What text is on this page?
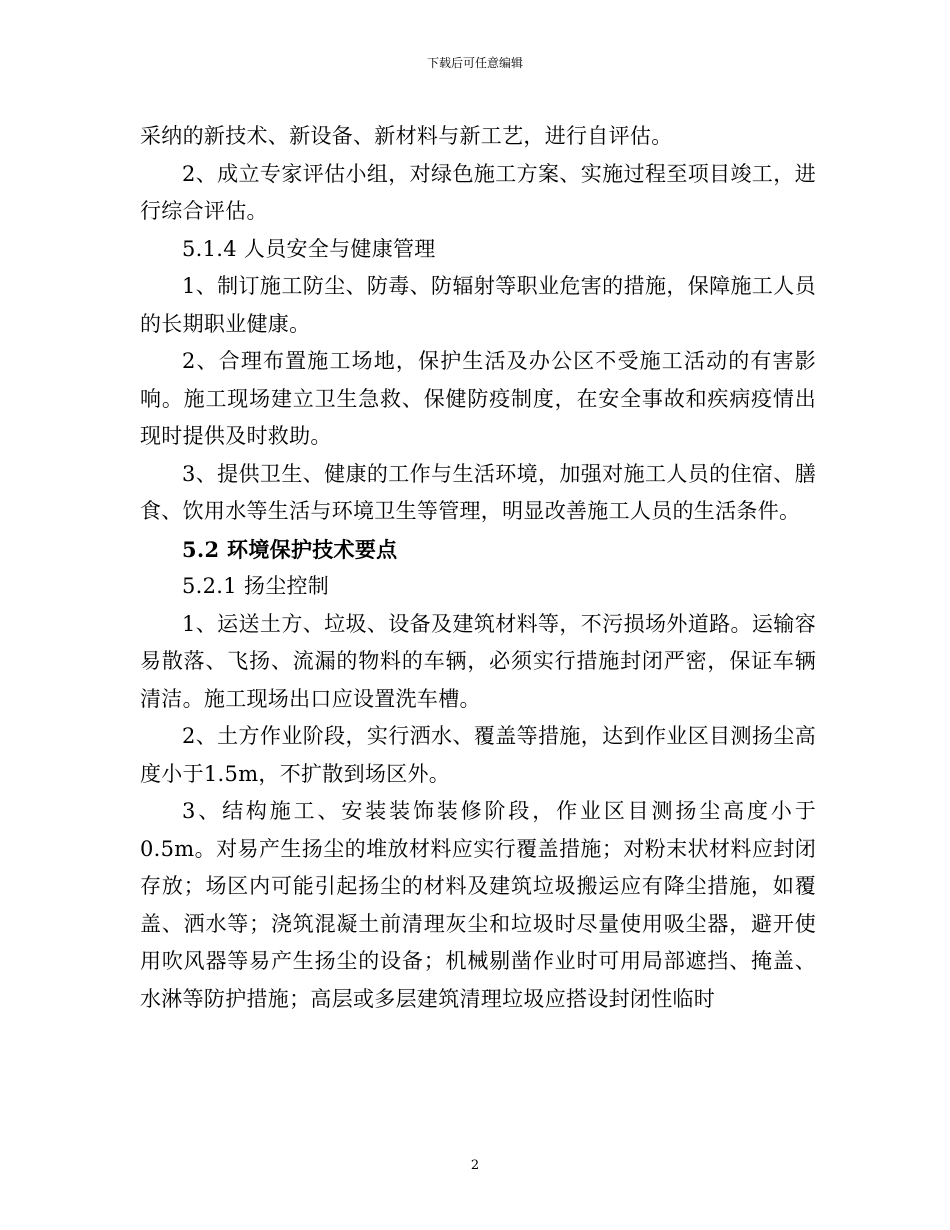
下载后可任意编辑

采纳的新技术、新设备、新材料与新工艺，进行自评估。

2、成立专家评估小组，对绿色施工方案、实施过程至项目竣工，进行综合评估。

5.1.4 人员安全与健康管理

1、制订施工防尘、防毒、防辐射等职业危害的措施，保障施工人员的长期职业健康。

2、合理布置施工场地，保护生活及办公区不受施工活动的有害影响。施工现场建立卫生急救、保健防疫制度，在安全事故和疾病疫情出现时提供及时救助。

3、提供卫生、健康的工作与生活环境，加强对施工人员的住宿、膳食、饮用水等生活与环境卫生等管理，明显改善施工人员的生活条件。

5.2 环境保护技术要点

5.2.1 扬尘控制

1、运送土方、垃圾、设备及建筑材料等，不污损场外道路。运输容易散落、飞扬、流漏的物料的车辆，必须实行措施封闭严密，保证车辆清洁。施工现场出口应设置洗车槽。

2、土方作业阶段，实行洒水、覆盖等措施，达到作业区目测扬尘高度小于1.5m，不扩散到场区外。

3、结构施工、安装装饰装修阶段，作业区目测扬尘高度小于0.5m。对易产生扬尘的堆放材料应实行覆盖措施；对粉末状材料应封闭存放；场区内可能引起扬尘的材料及建筑垃圾搬运应有降尘措施，如覆盖、洒水等；浇筑混凝土前清理灰尘和垃圾时尽量使用吸尘器，避开使用吹风器等易产生扬尘的设备；机械剔凿作业时可用局部遮挡、掩盖、水淋等防护措施；高层或多层建筑清理垃圾应搭设封闭性临时

2
